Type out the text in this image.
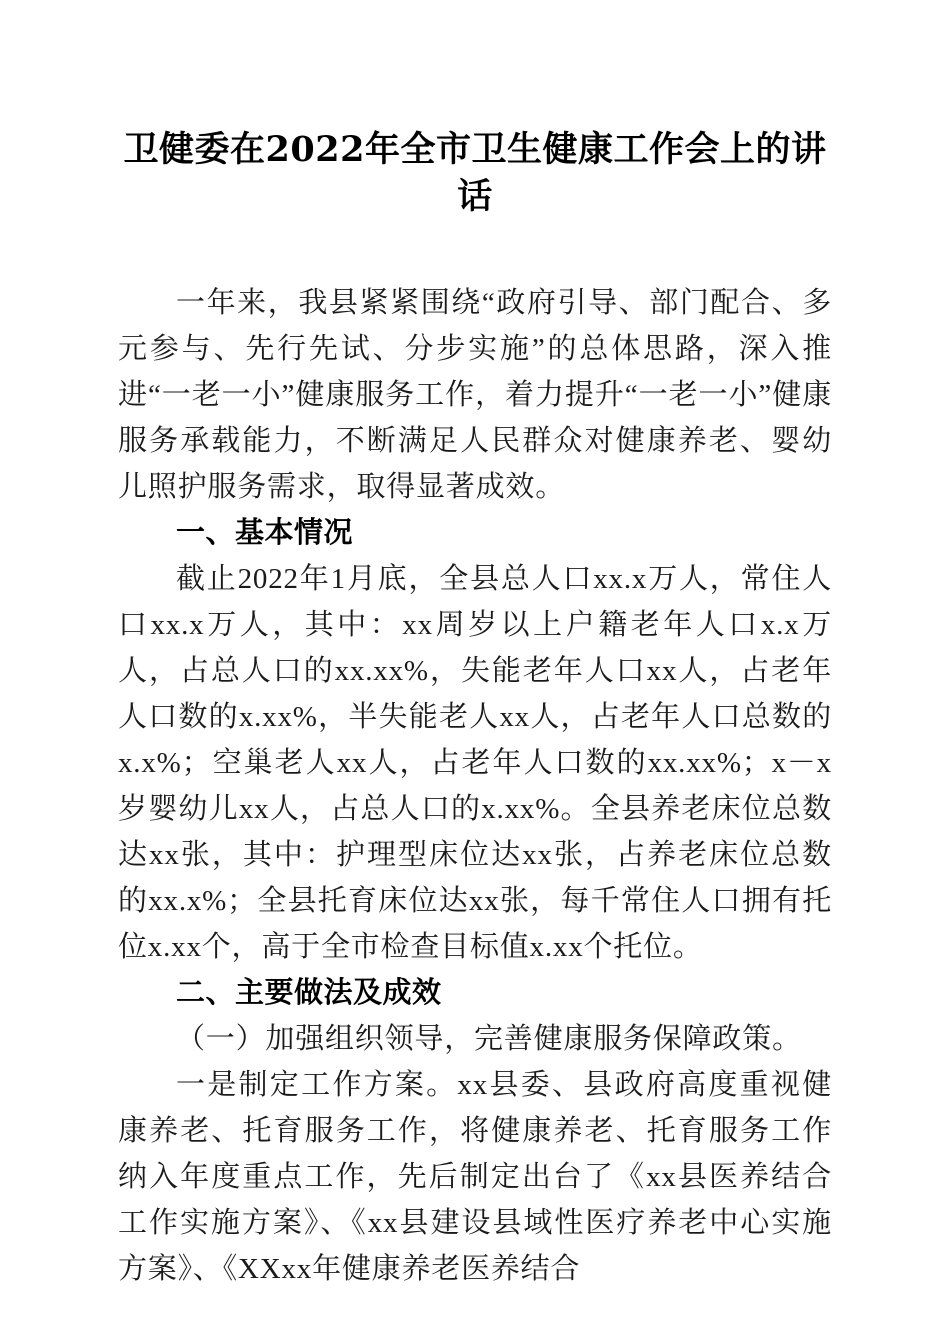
卫健委在2022年全市卫生健康工作会上的讲话

一年来，我县紧紧围绕“政府引导、部门配合、多元参与、先行先试、分步实施”的总体思路，深入推进“一老一小”健康服务工作，着力提升“一老一小”健康服务承载能力，不断满足人民群众对健康养老、婴幼儿照护服务需求，取得显著成效。

一、基本情况

截止2022年1月底，全县总人口xx.x万人，常住人口xx.x万人，其中：xx周岁以上户籍老年人口x.x万人，占总人口的xx.xx%，失能老年人口xx人，占老年人口数的x.xx%，半失能老人xx人，占老年人口总数的x.x%；空巢老人xx人，占老年人口数的xx.xx%；x－x岁婴幼儿xx人，占总人口的x.xx%。全县养老床位总数达xx张，其中：护理型床位达xx张，占养老床位总数的xx.x%；全县托育床位达xx张，每千常住人口拥有托位x.xx个，高于全市检查目标值x.xx个托位。

二、主要做法及成效

（一）加强组织领导，完善健康服务保障政策。

一是制定工作方案。xx县委、县政府高度重视健康养老、托育服务工作，将健康养老、托育服务工作纳入年度重点工作，先后制定出台了《xx县医养结合工作实施方案》、《xx县建设县域性医疗养老中心实施方案》、《XXxx年健康养老医养结合
